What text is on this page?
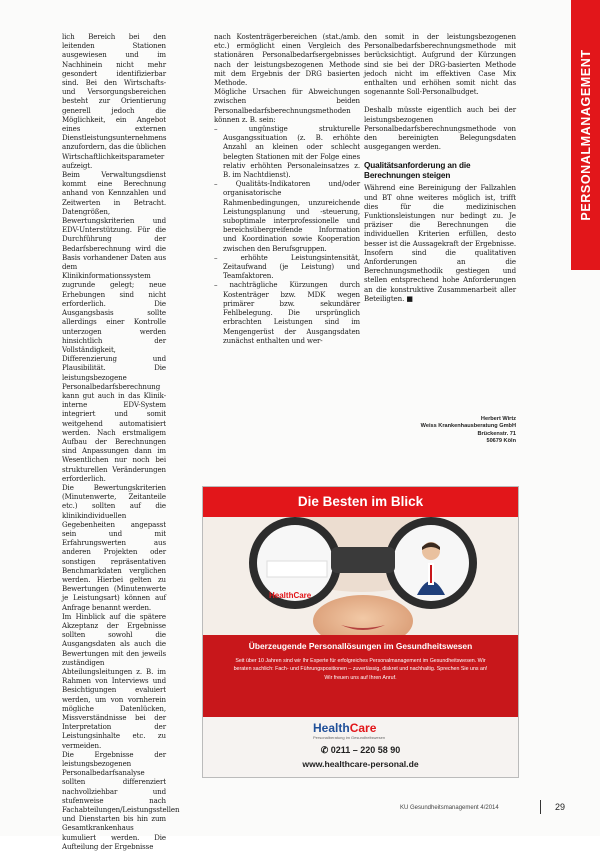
PERSONALMANAGEMENT

lich Bereich bei den leitenden Stationen ausgewiesen und im Nachhinein nicht mehr gesondert identifizierbar sind. Bei den Wirtschafts- und Versorgungsbereichen besteht zur Orientierung generell jedoch die Möglichkeit, ein Angebot eines externen Dienstleistungsunternehmens anzufordern, das die üblichen Wirtschaftlichkeitsparameter aufzeigt.

Beim Verwaltungsdienst kommt eine Berechnung anhand von Kennzahlen und Zeitwerten in Betracht. Datengrößen, Bewertungskriterien und EDV-Unterstützung. Für die Durchführung der Bedarfsberechnung wird die Basis vorhandener Daten aus dem Klinikinformationssystem zugrunde gelegt; neue Erhebungen sind nicht erforderlich. Die Ausgangsbasis sollte allerdings einer Kontrolle unterzogen werden hinsichtlich der Vollständigkeit, Differenzierung und Plausibilität. Die leistungsbezogene Personalbedarfsberechnung kann gut auch in das Klinik-interne EDV-System integriert und somit weitgehend automatisiert werden. Nach erstmaligem Aufbau der Berechnungen sind Anpassungen dann im Wesentlichen nur noch bei strukturellen Veränderungen erforderlich.

Die Bewertungskriterien (Minutenwerte, Zeitanteile etc.) sollten auf die klinikindividuellen Gegebenheiten angepasst sein und mit Erfahrungswerten aus anderen Projekten oder sonstigen repräsentativen Benchmarkdaten verglichen werden. Hierbei gelten zu Bewertungen (Minutenwerte je Leistungsart) können auf Anfrage benannt werden.

Im Hinblick auf die spätere Akzeptanz der Ergebnisse sollten sowohl die Ausgangsdaten als auch die Bewertungen mit den jeweils zuständigen Abteilungsleitungen z. B. im Rahmen von Interviews und Besichtigungen evaluiert werden, um von vornherein mögliche Datenlücken, Missverständnisse bei der Interpretation der Leistungsinhalte etc. zu vermeiden.

Die Ergebnisse der leistungsbezogenen Personalbedarfsanalyse sollten differenziert nachvollziehbar und stufenweise nach Fachabteilungen/Leistungsstellen und Dienstarten bis hin zum Gesamtkrankenhaus kumuliert werden. Die Aufteilung der Ergebnisse

nach Kostenträgerbereichen (stat./amb. etc.) ermöglicht einen Vergleich des stationären Personalbedarfsergebnisses nach der leistungsbezogenen Methode mit dem Ergebnis der DRG basierten Methode.

Mögliche Ursachen für Abweichungen zwischen beiden Personalbedarfsberechnungsmethoden können z. B. sein:

– ungünstige strukturelle Ausgangssituation (z. B. erhöhte Anzahl an kleinen oder schlecht belegten Stationen mit der Folge eines relativ erhöhten Personaleinsatzes z. B. im Nachtdienst).

– Qualitäts-Indikatoren und/oder organisatorische Rahmenbedingungen, unzureichende Leistungsplanung und -steuerung, suboptimale interprofessionelle und bereichsübergreifende Information und Koordination sowie Kooperation zwischen den Berufsgruppen.

– erhöhte Leistungsintensität, Zeitaufwand (je Leistung) und Teamfaktoren.

– nachträgliche Kürzungen durch Kostenträger bzw. MDK wegen primärer bzw. sekundärer Fehlbelegung. Die ursprünglich erbrachten Leistungen sind im Mengengerüst der Ausgangsdaten zunächst enthalten und wer-

den somit in der leistungsbezogenen Personalbedarfsberechnungsmethode mit berücksichtigt. Aufgrund der Kürzungen sind sie bei der DRG-basierten Methode jedoch nicht im effektiven Case Mix enthalten und erhöhen somit nicht das sogenannte Soll-Personalbudget.

Deshalb müsste eigentlich auch bei der leistungsbezogenen Personalbedarfsberechnungsmethode von den bereinigten Belegungsdaten ausgegangen werden.

Qualitätsanforderung an die Berechnungen steigen

Während eine Bereinigung der Fallzahlen und BT ohne weiteres möglich ist, trifft dies für die medizinischen Funktionsleistungen nur bedingt zu. Je präziser die Berechnungen die individuellen Kriterien erfüllen, desto besser ist die Aussagekraft der Ergebnisse. Insofern sind die qualitativen Anforderungen an die Berechnungsmethodik gestiegen und stellen entsprechend hohe Anforderungen an die konstruktive Zusammenarbeit aller Beteiligten. ■

Herbert Wirtz
Weiss Krankenhausberatung GmbH
Brückenstr. 71
50679 Köln
Die Besten im Blick
HealthCare
Überzeugende Personallösungen im Gesundheitswesen
Seit über 10 Jahren sind wir Ihr Experte für erfolgreiches Personalmanagement im Gesundheitswesen. Wir beraten sachlich: Fach- und Führungspositionen – zuverlässig, diskret und nachhaltig. Sprechen Sie uns an! Wir freuen uns auf Ihren Anruf.
HealthCare
Personalberatung im Gesundheitswesen
✆ 0211 – 220 58 90
www.healthcare-personal.de
KU Gesundheitsmanagement 4/2014	29
